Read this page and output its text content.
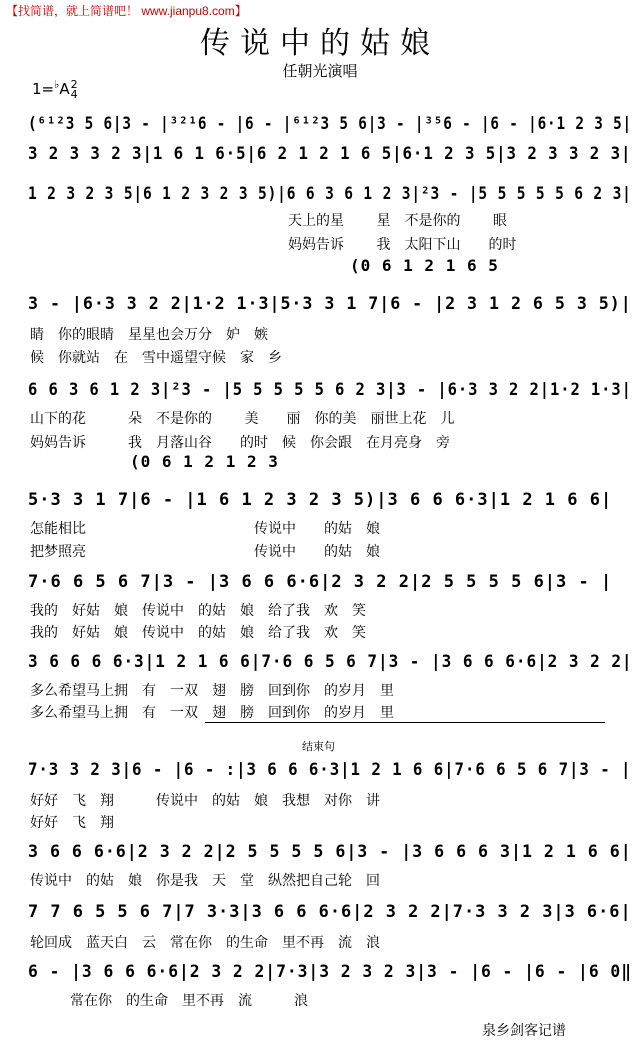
【找简谱，就上简谱吧！ www.jianpu8.com】
传说中的姑娘
任朝光演唱
1=♭A2
4
(⁶¹²3 5 6|3 - |³²¹6 - |6 - |⁶¹²3 5 6|3 - |³⁵6 - |6 - |6·1 2 3 5|
3 2 3 3 2 3|1 6 1 6·5|6 2 1 2 1 6 5|6·1 2 3 5|3 2 3 3 2 3|
1 2 3 2 3 5|6 1 2 3 2 3 5)|6 6 3 6 1 2 3|²3 - |5 5 5 5 5 6 2 3|
天上的星　　 星　不是你的　　 眼
妈妈告诉　　 我　太阳下山　　的时
(0 6 1 2 1 6 5
3 - |6·3 3 2 2|1·2 1·3|5·3 3 1 7|6 - |2 3 1 2 6 5 3 5)|
睛　你的眼睛　星星也会万分　妒　嫉
候　你就站　在　雪中遥望守候　家　乡
6 6 3 6 1 2 3|²3 - |5 5 5 5 5 6 2 3|3 - |6·3 3 2 2|1·2 1·3|
山下的花　　　朵　不是你的　　 美　　丽　你的美　丽世上花　儿
妈妈告诉　　　我　月落山谷　　的时　候　你会跟　在月亮身　旁
(0 6 1 2 1 2 3
5·3 3 1 7|6 - |1 6 1 2 3 2 3 5)|3 6 6 6·3|1 2 1 6 6|
怎能相比　　　　　　　　　　　　传说中　　的姑　娘
把梦照亮　　　　　　　　　　　　传说中　　的姑　娘
7·6 6 5 6 7|3 - |3 6 6 6·6|2 3 2 2|2 5 5 5 5 6|3 - |
我的　好姑　娘　传说中　的姑　娘　给了我　欢　笑
我的　好姑　娘　传说中　的姑　娘　给了我　欢　笑
3 6 6 6 6·3|1 2 1 6 6|7·6 6 5 6 7|3 - |3 6 6 6·6|2 3 2 2|
多么希望马上拥　有　一双　翅　膀　回到你　的岁月　里
多么希望马上拥　有　一双　翅　膀　回到你　的岁月　里
结束句
7·3 3 2 3|6 - |6 - :|3 6 6 6·3|1 2 1 6 6|7·6 6 5 6 7|3 - |
好好　飞　翔　　　传说中　的姑　娘　我想　对你　讲
好好　飞　翔
3 6 6 6·6|2 3 2 2|2 5 5 5 5 6|3 - |3 6 6 6 3|1 2 1 6 6|
传说中　的姑　娘　你是我　天　堂　纵然把自己轮　回
7 7 6 5 5 6 7|7 3·3|3 6 6 6·6|2 3 2 2|7·3 3 2 3|3 6·6|
轮回成　蓝天白　云　常在你　的生命　里不再　流　浪
6 - |3 6 6 6·6|2 3 2 2|7·3|3 2 3 2 3|3 - |6 - |6 - |6 0‖
常在你　的生命　里不再　流　　　浪
泉乡剑客记谱
